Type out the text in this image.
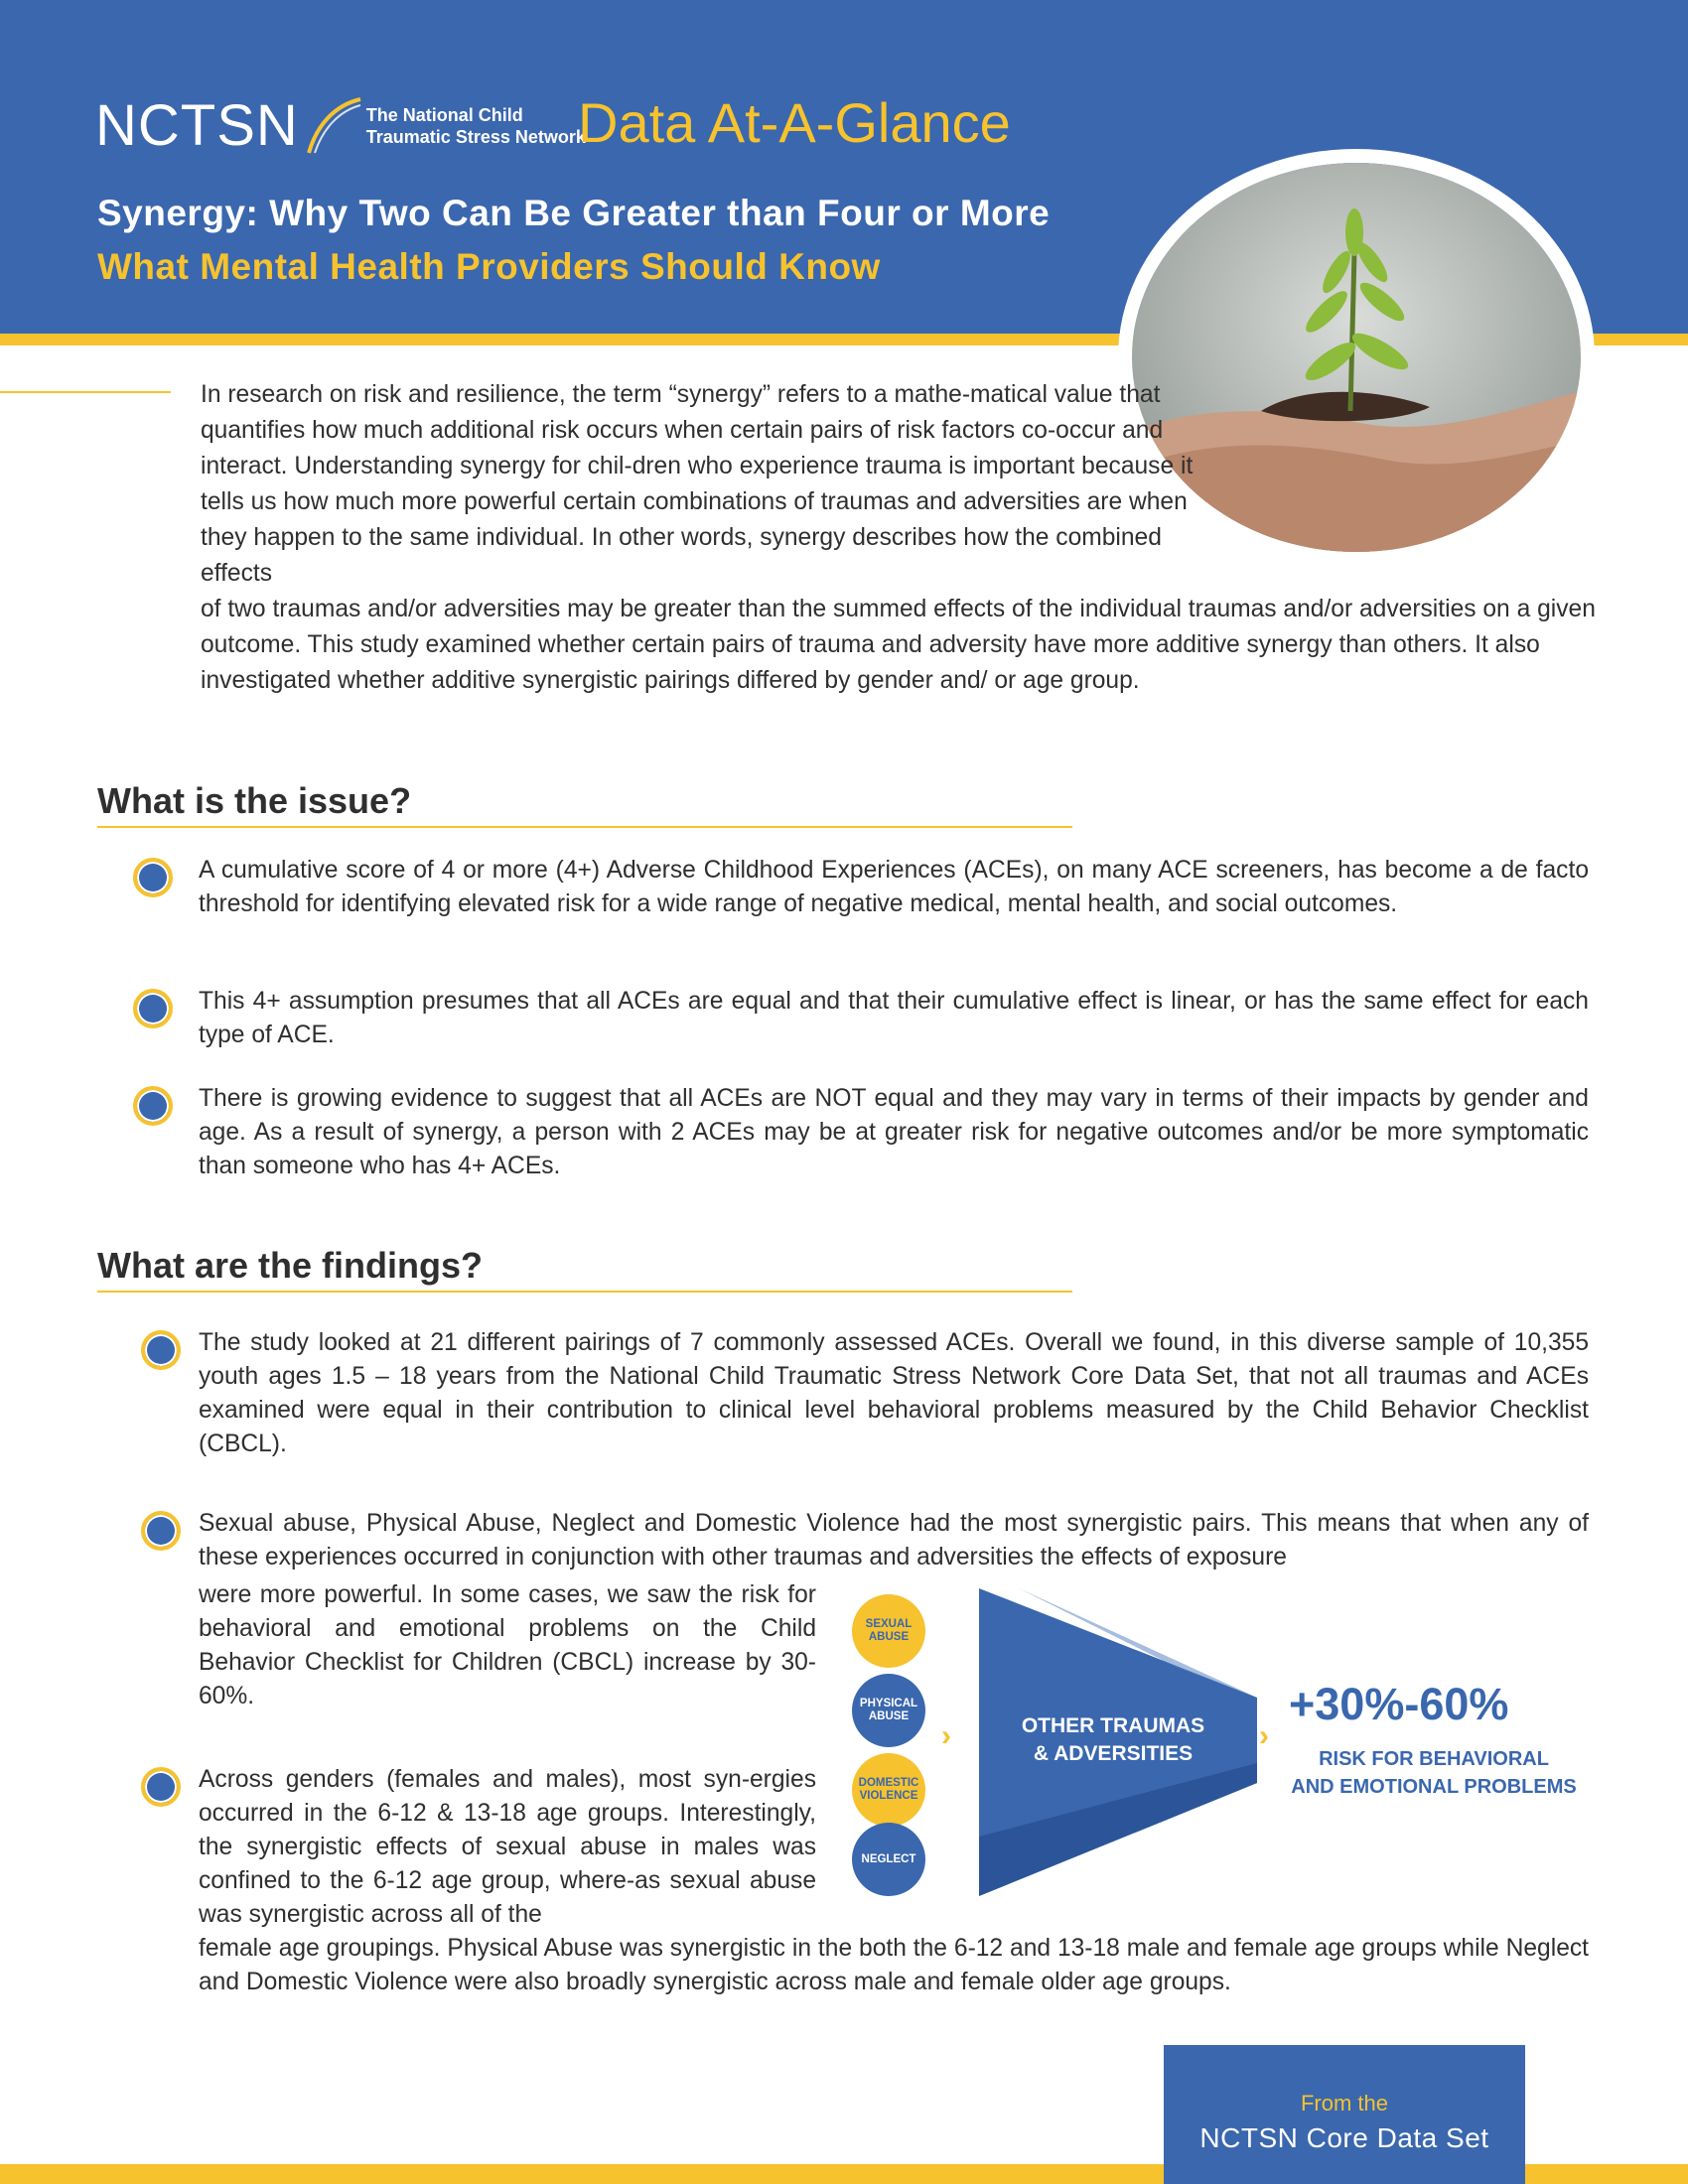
NCTSN	The National Child
Traumatic Stress Network
Data At-A-Glance
Synergy: Why Two Can Be Greater than Four or More
What Mental Health Providers Should Know

In research on risk and resilience, the term “synergy” refers to a mathe-matical value that quantifies how much additional risk occurs when certain pairs of risk factors co-occur and interact. Understanding synergy for chil-dren who experience trauma is important because it tells us how much more powerful certain combinations of traumas and adversities are when they happen to the same individual. In other words, synergy describes how the combined effects

of two traumas and/or adversities may be greater than the summed effects of the individual traumas and/or adversities on a given outcome. This study examined whether certain pairs of trauma and adversity have more additive synergy than others. It also investigated whether additive synergistic pairings differed by gender and/ or age group.

What is the issue?

A cumulative score of 4 or more (4+) Adverse Childhood Experiences (ACEs), on many ACE screeners, has become a de facto threshold for identifying elevated risk for a wide range of negative medical, mental health, and social outcomes.

This 4+ assumption presumes that all ACEs are equal and that their cumulative effect is linear, or has the same effect for each type of ACE.

There is growing evidence to suggest that all ACEs are NOT equal and they may vary in terms of their impacts by gender and age. As a result of synergy, a person with 2 ACEs may be at greater risk for negative outcomes and/or be more symptomatic than someone who has 4+ ACEs.

What are the findings?

The study looked at 21 different pairings of 7 commonly assessed ACEs. Overall we found, in this diverse sample of 10,355 youth ages 1.5 – 18 years from the National Child Traumatic Stress Network Core Data Set, that not all traumas and ACEs examined were equal in their contribution to clinical level behavioral problems measured by the Child Behavior Checklist (CBCL).

Sexual abuse, Physical Abuse, Neglect and Domestic Violence had the most synergistic pairs. This means that when any of these experiences occurred in conjunction with other traumas and adversities the effects of exposure

were more powerful. In some cases, we saw the risk for behavioral and emotional problems on the Child Behavior Checklist for Children (CBCL) increase by 30-60%.

Across genders (females and males), most syn-ergies occurred in the 6-12 & 13-18 age groups. Interestingly, the synergistic effects of sexual abuse in males was confined to the 6-12 age group, where-as sexual abuse was synergistic across all of the

female age groupings. Physical Abuse was synergistic in the both the 6-12 and 13-18 male and female age groups while Neglect and Domestic Violence were also broadly synergistic across male and female older age groups.

SEXUAL
ABUSE
PHYSICAL
ABUSE
DOMESTIC
VIOLENCE
NEGLECT
›	OTHER TRAUMAS
& ADVERSITIES
›
+30%-60%
RISK FOR BEHAVIORAL
AND EMOTIONAL PROBLEMS
From the
NCTSN Core Data Set
